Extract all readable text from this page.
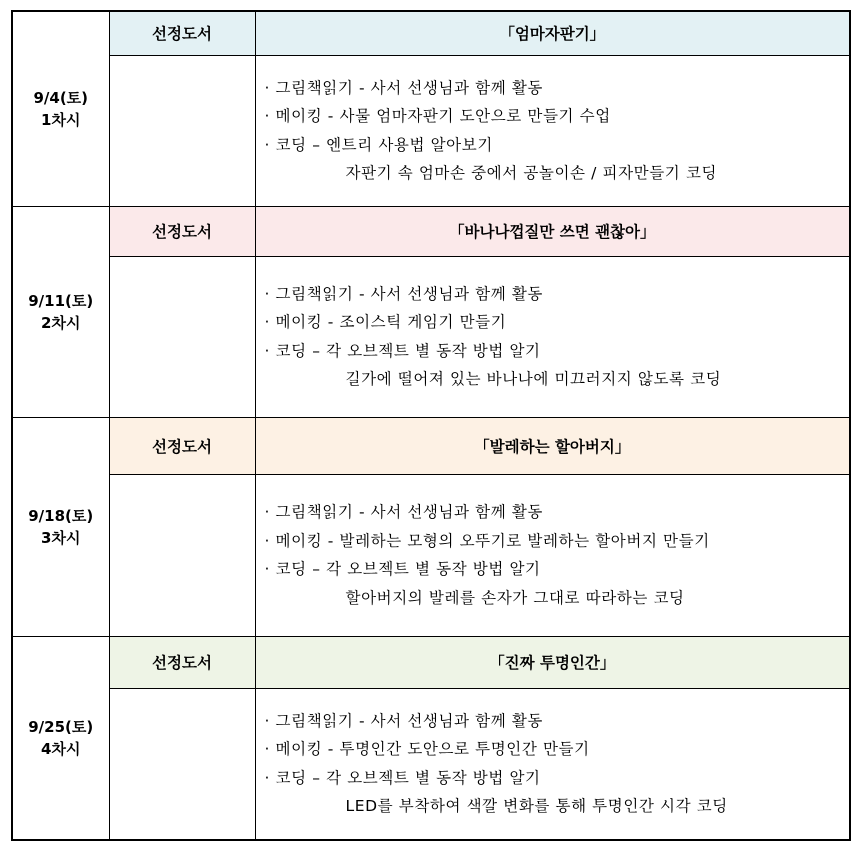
9/4(토)
1차시	선정도서	「엄마자판기」

		· 그림책읽기 - 사서 선생님과 함께 활동
· 메이킹 - 사물 엄마자판기 도안으로 만들기 수업
· 코딩 – 엔트리 사용법 알아보기
자판기 속 엄마손 중에서 공놀이손 / 피자만들기 코딩

9/11(토)
2차시	선정도서	「바나나껍질만 쓰면 괜찮아」

		· 그림책읽기 - 사서 선생님과 함께 활동
· 메이킹 - 조이스틱 게임기 만들기
· 코딩 – 각 오브젝트 별 동작 방법 알기
길가에 떨어져 있는 바나나에 미끄러지지 않도록 코딩

9/18(토)
3차시	선정도서	「발레하는 할아버지」

		· 그림책읽기 - 사서 선생님과 함께 활동
· 메이킹 - 발레하는 모형의 오뚜기로 발레하는 할아버지 만들기
· 코딩 – 각 오브젝트 별 동작 방법 알기
할아버지의 발레를 손자가 그대로 따라하는 코딩

9/25(토)
4차시	선정도서	「진짜 투명인간」

		· 그림책읽기 - 사서 선생님과 함께 활동
· 메이킹 - 투명인간 도안으로 투명인간 만들기
· 코딩 – 각 오브젝트 별 동작 방법 알기
LED를 부착하여 색깔 변화를 통해 투명인간 시각 코딩
